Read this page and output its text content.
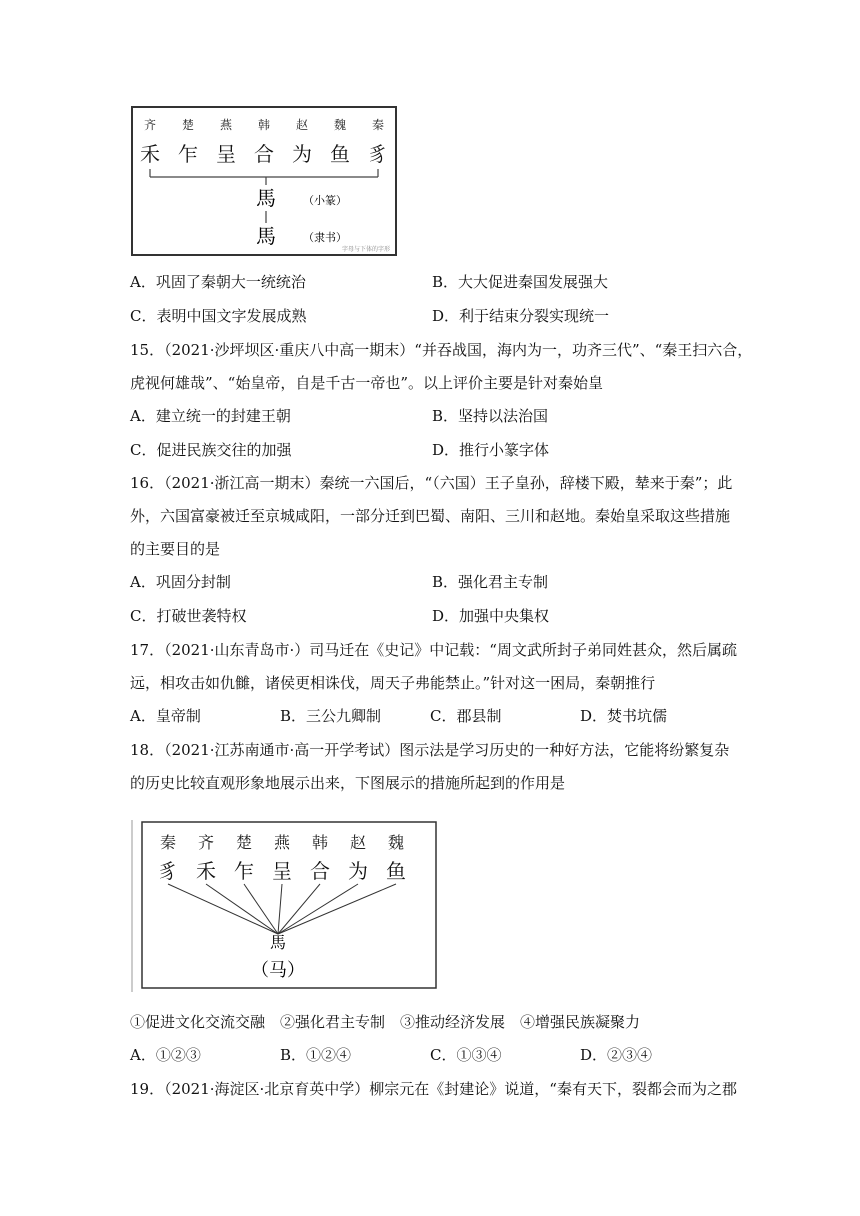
齐 楚 燕 韩 赵 魏 秦
禾 乍 呈 合 为 鱼 豸
馬 （小篆）
馬 （隶书）
字母与下体的字形
A．巩固了秦朝大一统统治	B．大大促进秦国发展强大
C．表明中国文字发展成熟	D．利于结束分裂实现统一
15．（2021·沙坪坝区·重庆八中高一期末）“并吞战国，海内为一，功齐三代”、“秦王扫六合，
虎视何雄哉”、“始皇帝，自是千古一帝也”。以上评价主要是针对秦始皇
A．建立统一的封建王朝	B．坚持以法治国
C．促进民族交往的加强	D．推行小篆字体
16．（2021·浙江高一期末）秦统一六国后，“（六国）王子皇孙，辞楼下殿，辇来于秦”；此
外，六国富豪被迁至京城咸阳，一部分迁到巴蜀、南阳、三川和赵地。秦始皇采取这些措施
的主要目的是
A．巩固分封制	B．强化君主专制
C．打破世袭特权	D．加强中央集权
17．（2021·山东青岛市·）司马迁在《史记》中记载：“周文武所封子弟同姓甚众，然后属疏
远，相攻击如仇雠，诸侯更相诛伐，周天子弗能禁止。”针对这一困局，秦朝推行
A．皇帝制	B．三公九卿制	C．郡县制	D．焚书坑儒
18．（2021·江苏南通市·高一开学考试）图示法是学习历史的一种好方法，它能将纷繁复杂
的历史比较直观形象地展示出来，下图展示的措施所起到的作用是
秦 齐 楚 燕 韩 赵 魏
豸 禾 乍 呈 合 为 鱼
馬
（马）
①促进文化交流交融　②强化君主专制　③推动经济发展　④增强民族凝聚力
A．①②③	B．①②④	C．①③④	D．②③④
19．（2021·海淀区·北京育英中学）柳宗元在《封建论》说道，“秦有天下，裂都会而为之郡
